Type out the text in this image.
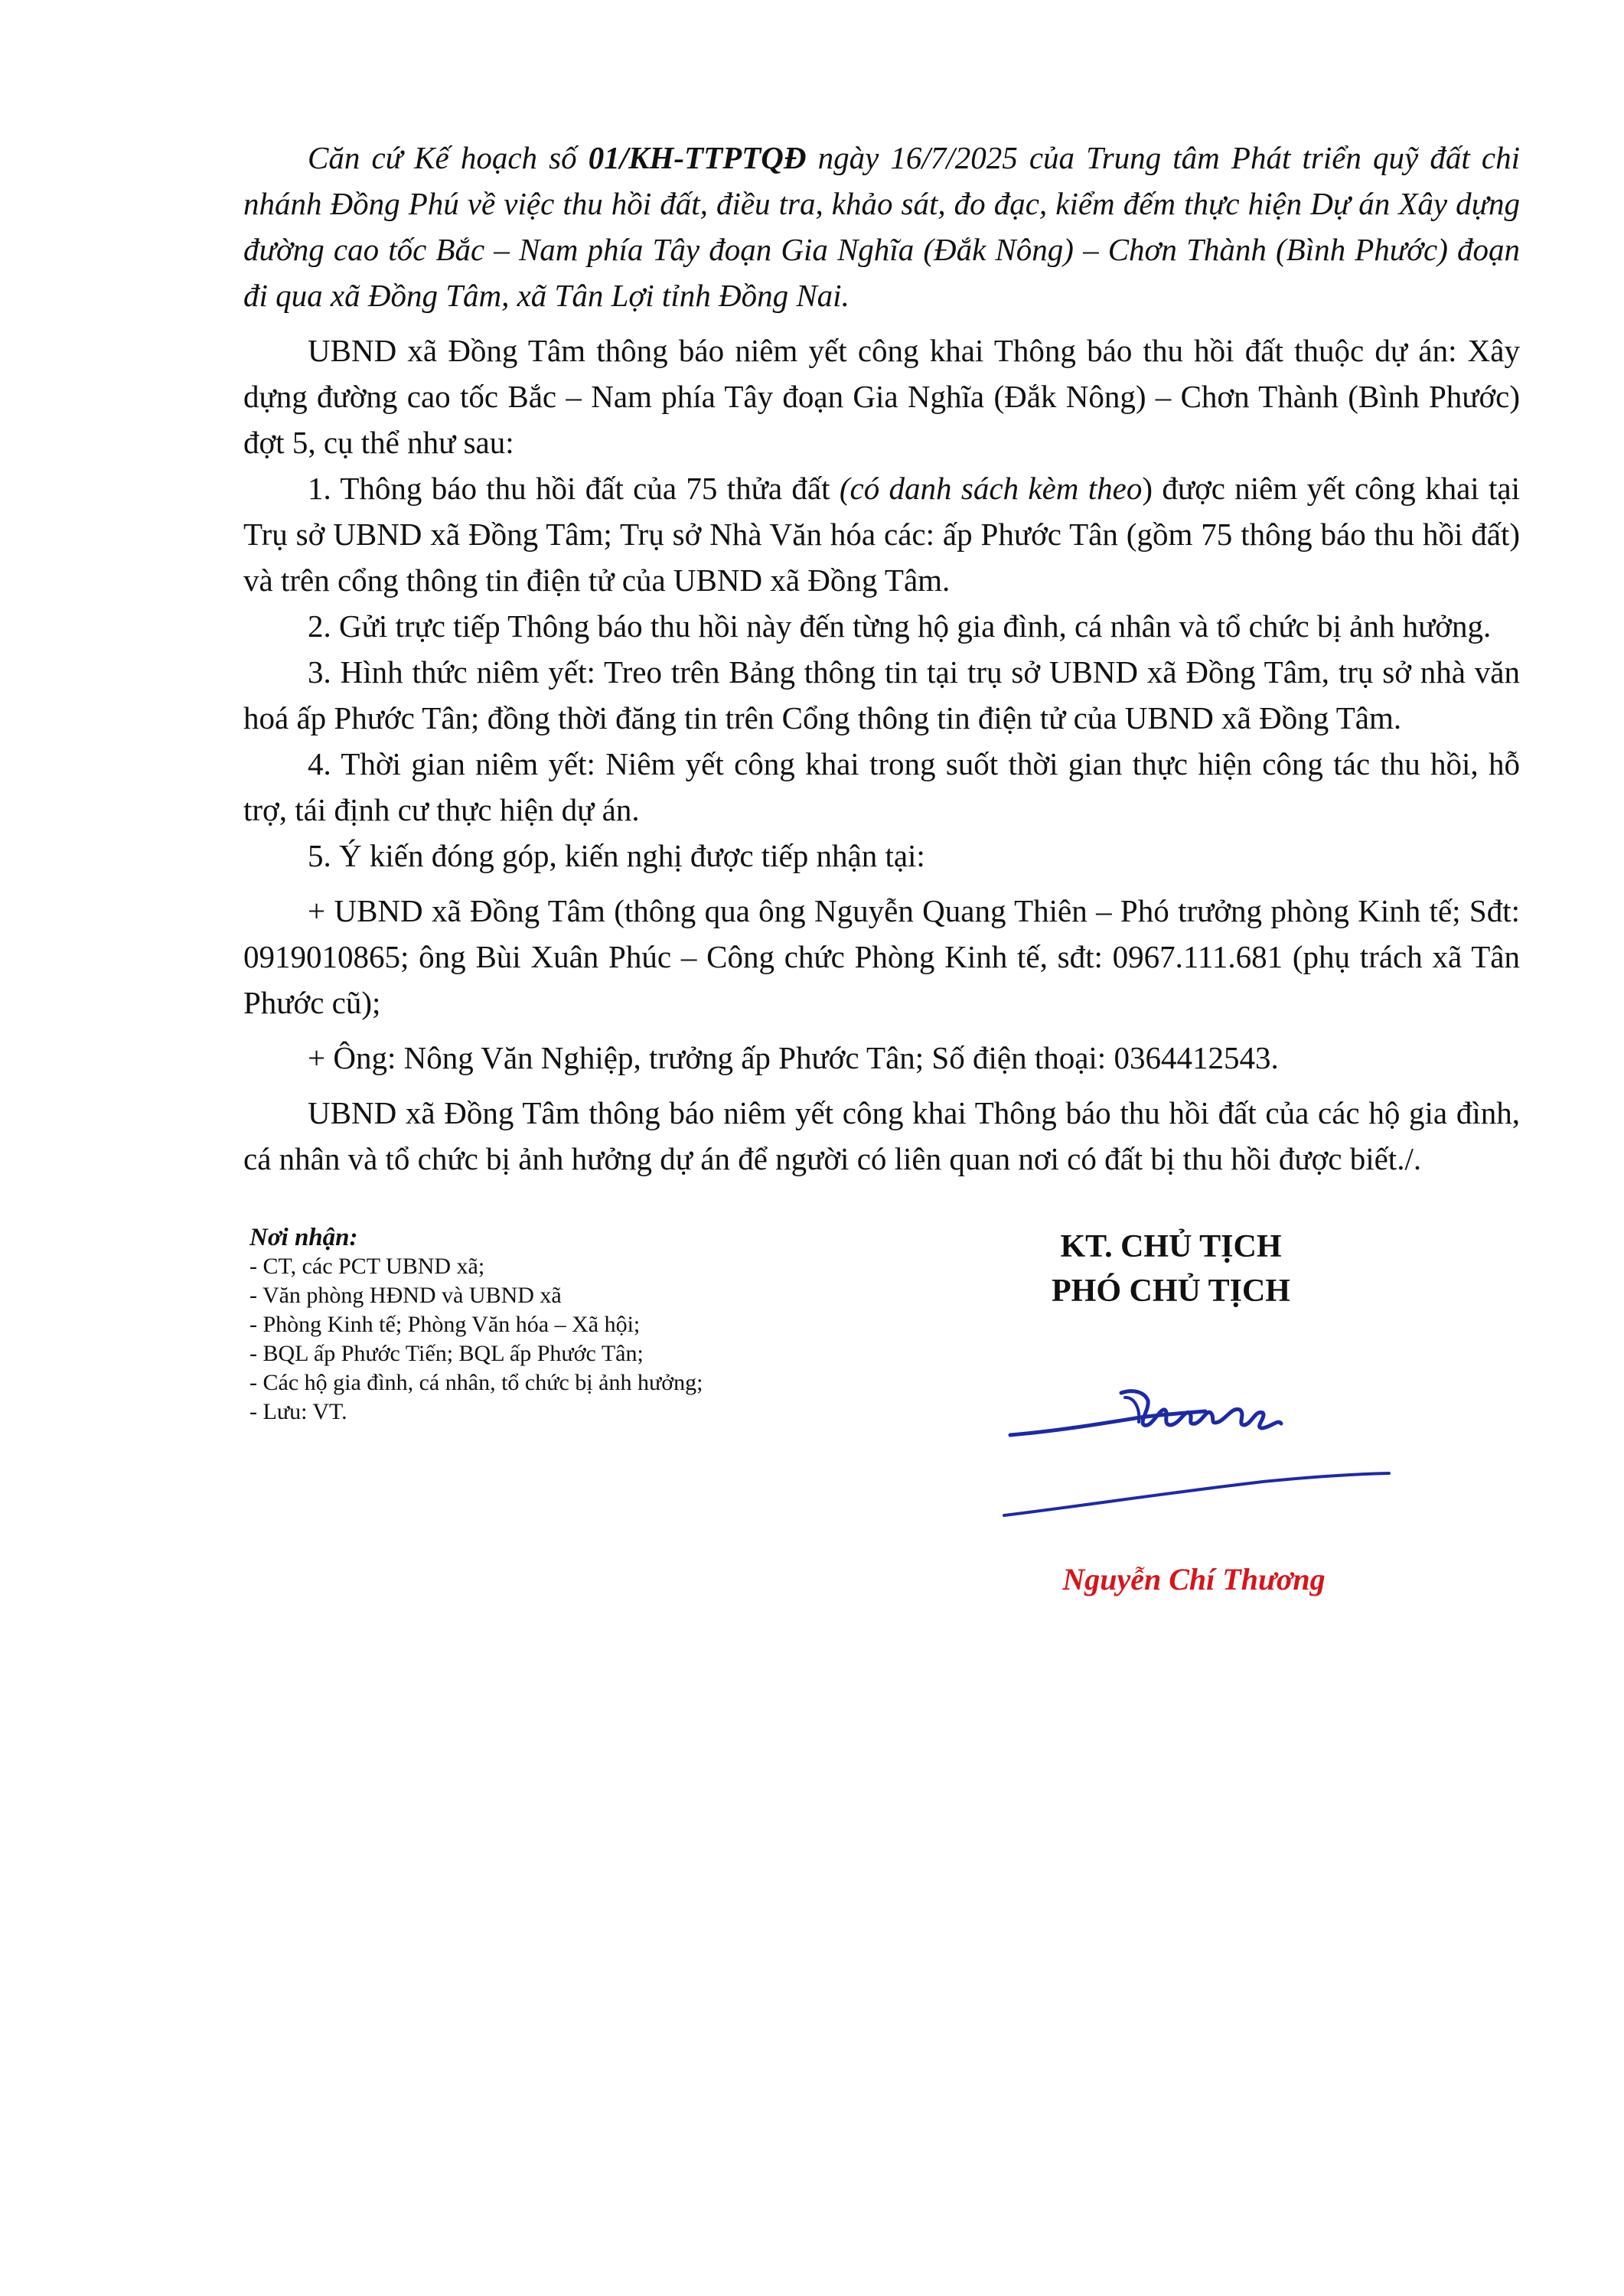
Căn cứ Kế hoạch số 01/KH-TTPTQĐ ngày 16/7/2025 của Trung tâm Phát triển quỹ đất chi nhánh Đồng Phú về việc thu hồi đất, điều tra, khảo sát, đo đạc, kiểm đếm thực hiện Dự án Xây dựng đường cao tốc Bắc – Nam phía Tây đoạn Gia Nghĩa (Đắk Nông) – Chơn Thành (Bình Phước) đoạn đi qua xã Đồng Tâm, xã Tân Lợi tỉnh Đồng Nai.

UBND xã Đồng Tâm thông báo niêm yết công khai Thông báo thu hồi đất thuộc dự án: Xây dựng đường cao tốc Bắc – Nam phía Tây đoạn Gia Nghĩa (Đắk Nông) – Chơn Thành (Bình Phước) đợt 5, cụ thể như sau:

1. Thông báo thu hồi đất của 75 thửa đất (có danh sách kèm theo) được niêm yết công khai tại Trụ sở UBND xã Đồng Tâm; Trụ sở Nhà Văn hóa các: ấp Phước Tân (gồm 75 thông báo thu hồi đất) và trên cổng thông tin điện tử của UBND xã Đồng Tâm.

2. Gửi trực tiếp Thông báo thu hồi này đến từng hộ gia đình, cá nhân và tổ chức bị ảnh hưởng.

3. Hình thức niêm yết: Treo trên Bảng thông tin tại trụ sở UBND xã Đồng Tâm, trụ sở nhà văn hoá ấp Phước Tân; đồng thời đăng tin trên Cổng thông tin điện tử của UBND xã Đồng Tâm.

4. Thời gian niêm yết: Niêm yết công khai trong suốt thời gian thực hiện công tác thu hồi, hỗ trợ, tái định cư thực hiện dự án.

5. Ý kiến đóng góp, kiến nghị được tiếp nhận tại:

+ UBND xã Đồng Tâm (thông qua ông Nguyễn Quang Thiên – Phó trưởng phòng Kinh tế; Sđt: 0919010865; ông Bùi Xuân Phúc – Công chức Phòng Kinh tế, sđt: 0967.111.681 (phụ trách xã Tân Phước cũ);

+ Ông: Nông Văn Nghiệp, trưởng ấp Phước Tân; Số điện thoại: 0364412543.

UBND xã Đồng Tâm thông báo niêm yết công khai Thông báo thu hồi đất của các hộ gia đình, cá nhân và tổ chức bị ảnh hưởng dự án để người có liên quan nơi có đất bị thu hồi được biết./.

Nơi nhận:
- CT, các PCT UBND xã;
- Văn phòng HĐND và UBND xã
- Phòng Kinh tế; Phòng Văn hóa – Xã hội;
- BQL ấp Phước Tiến; BQL ấp Phước Tân;
- Các hộ gia đình, cá nhân, tổ chức bị ảnh hưởng;
- Lưu: VT.
KT. CHỦ TỊCH
PHÓ CHỦ TỊCH
Nguyễn Chí Thương
